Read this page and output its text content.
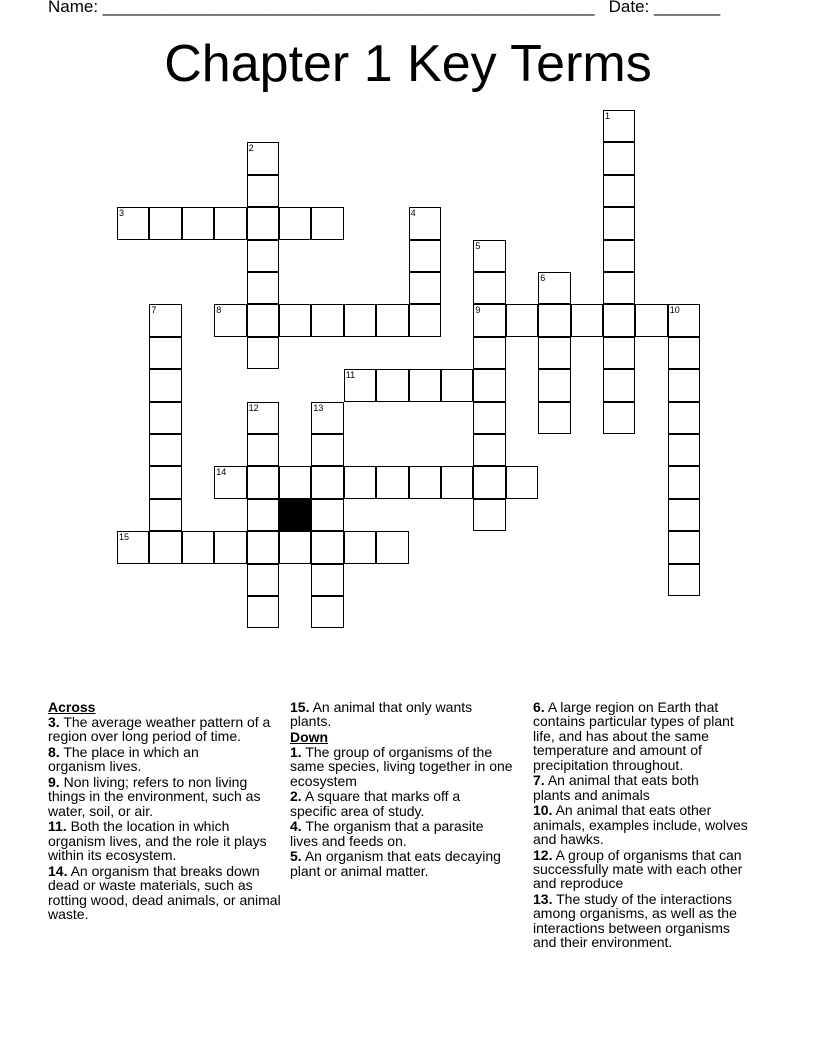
Name: ____________________________________________________ Date: _______
Chapter 1 Key Terms
3
8	9	10
11
14
15
1
2
4
5
6
7
12	13
Across
3. The average weather pattern of a region over long period of time.
8. The place in which an organism lives.
9. Non living; refers to non living things in the environment, such as water, soil, or air.
11. Both the location in which organism lives, and the role it plays within its ecosystem.
14. An organism that breaks down dead or waste materials, such as rotting wood, dead animals, or animal waste.
15. An animal that only wants plants.
Down
1. The group of organisms of the same species, living together in one ecosystem
2. A square that marks off a specific area of study.
4. The organism that a parasite lives and feeds on.
5. An organism that eats decaying plant or animal matter.
6. A large region on Earth that contains particular types of plant life, and has about the same temperature and amount of precipitation throughout.
7. An animal that eats both plants and animals
10. An animal that eats other animals, examples include, wolves and hawks.
12. A group of organisms that can successfully mate with each other and reproduce
13. The study of the interactions among organisms, as well as the interactions between organisms and their environment.
